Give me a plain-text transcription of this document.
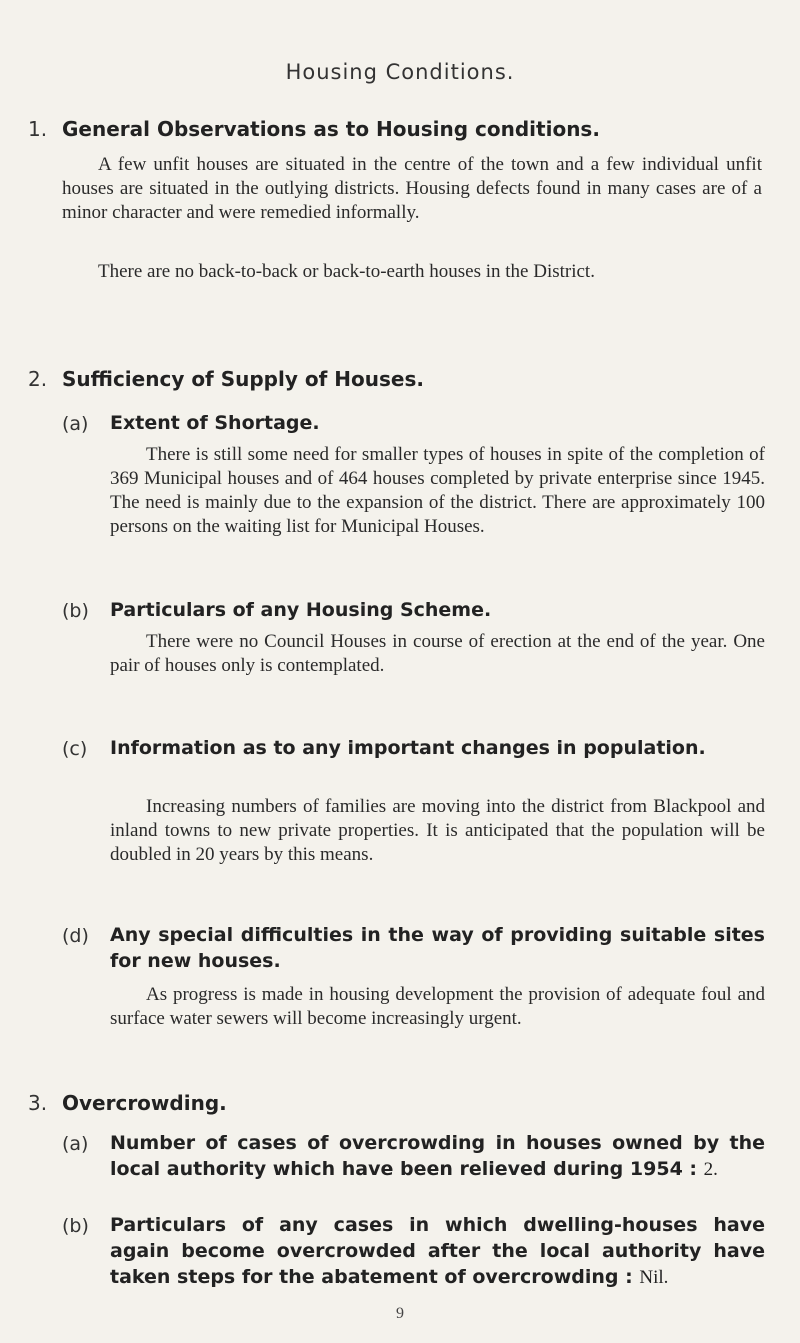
Housing Conditions.
1. General Observations as to Housing conditions.
A few unfit houses are situated in the centre of the town and a few individual unfit houses are situated in the outlying districts. Housing defects found in many cases are of a minor character and were remedied informally.
There are no back-to-back or back-to-earth houses in the District.
2. Sufficiency of Supply of Houses.
(a) Extent of Shortage.
There is still some need for smaller types of houses in spite of the completion of 369 Municipal houses and of 464 houses completed by private enterprise since 1945. The need is mainly due to the expansion of the district. There are approximately 100 persons on the waiting list for Municipal Houses.
(b) Particulars of any Housing Scheme.
There were no Council Houses in course of erection at the end of the year. One pair of houses only is contemplated.
(c) Information as to any important changes in population.
Increasing numbers of families are moving into the district from Blackpool and inland towns to new private properties. It is anticipated that the population will be doubled in 20 years by this means.
(d) Any special difficulties in the way of providing suitable sites for new houses.
As progress is made in housing development the provision of adequate foul and surface water sewers will become increasingly urgent.
3. Overcrowding.
(a) Number of cases of overcrowding in houses owned by the local authority which have been relieved during 1954 : 2.
(b) Particulars of any cases in which dwelling-houses have again become overcrowded after the local authority have taken steps for the abatement of overcrowding : Nil.
9
